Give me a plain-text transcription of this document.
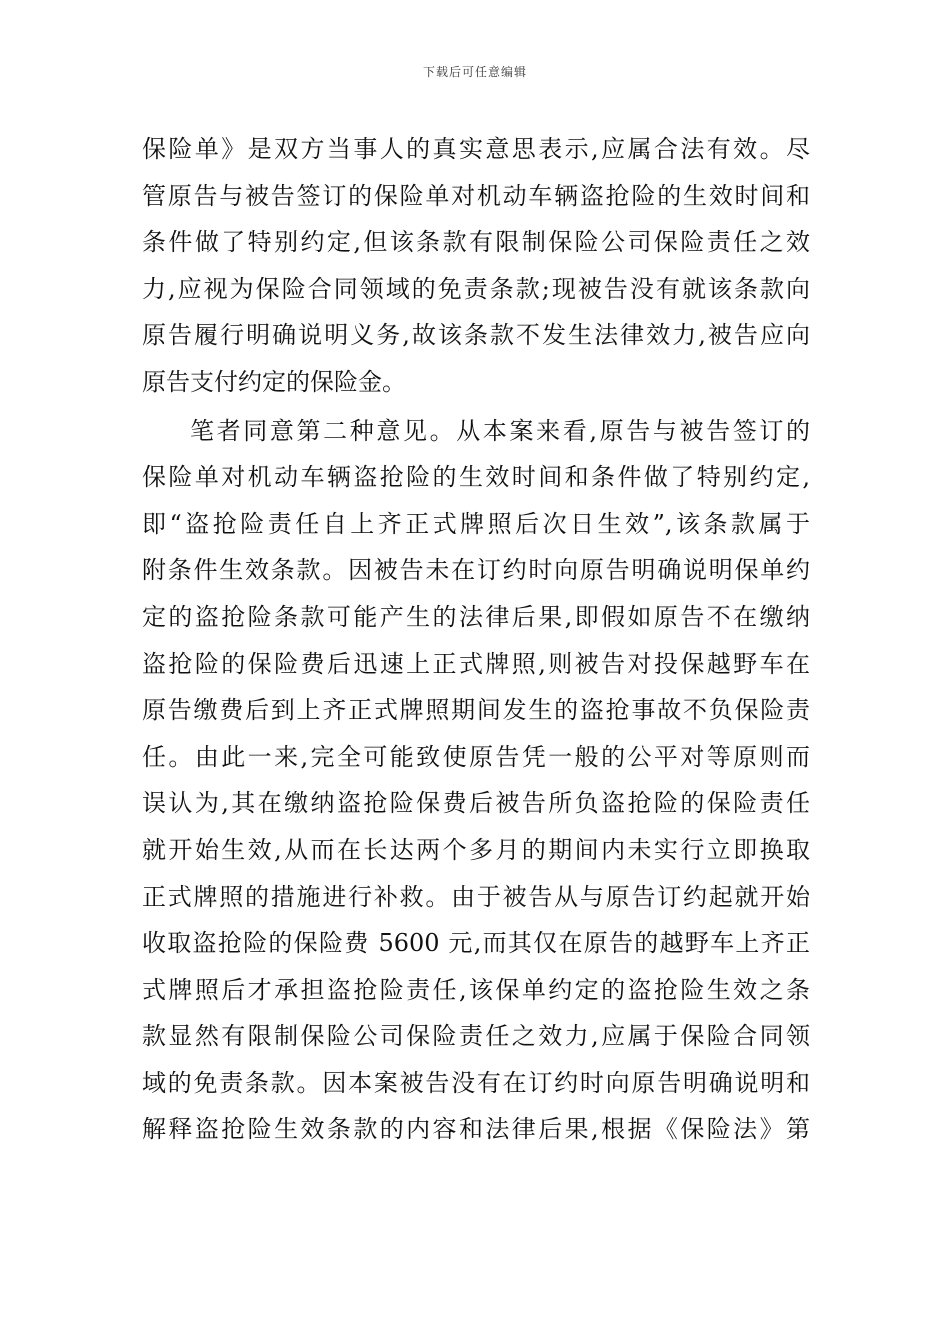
下载后可任意编辑
保险单》是双方当事人的真实意思表示,应属合法有效。尽
管原告与被告签订的保险单对机动车辆盗抢险的生效时间和
条件做了特别约定,但该条款有限制保险公司保险责任之效
力,应视为保险合同领域的免责条款;现被告没有就该条款向
原告履行明确说明义务,故该条款不发生法律效力,被告应向
原告支付约定的保险金。
笔者同意第二种意见。从本案来看,原告与被告签订的
保险单对机动车辆盗抢险的生效时间和条件做了特别约定,
即“盗抢险责任自上齐正式牌照后次日生效”,该条款属于
附条件生效条款。因被告未在订约时向原告明确说明保单约
定的盗抢险条款可能产生的法律后果,即假如原告不在缴纳
盗抢险的保险费后迅速上正式牌照,则被告对投保越野车在
原告缴费后到上齐正式牌照期间发生的盗抢事故不负保险责
任。由此一来,完全可能致使原告凭一般的公平对等原则而
误认为,其在缴纳盗抢险保费后被告所负盗抢险的保险责任
就开始生效,从而在长达两个多月的期间内未实行立即换取
正式牌照的措施进行补救。由于被告从与原告订约起就开始
收取盗抢险的保险费 5600 元,而其仅在原告的越野车上齐正
式牌照后才承担盗抢险责任,该保单约定的盗抢险生效之条
款显然有限制保险公司保险责任之效力,应属于保险合同领
域的免责条款。因本案被告没有在订约时向原告明确说明和
解释盗抢险生效条款的内容和法律后果,根据《保险法》第
